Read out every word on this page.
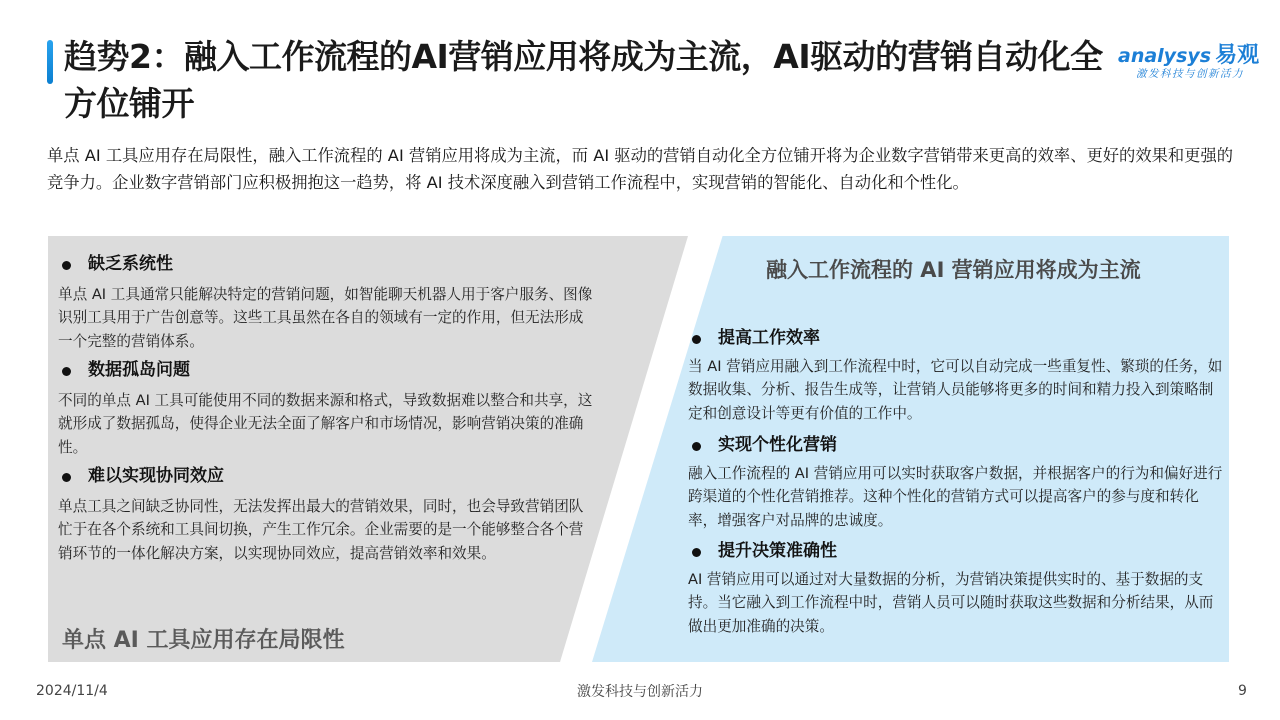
趋势2：融入工作流程的AI营销应用将成为主流，AI驱动的营销自动化全方位铺开
analysys 易观
激发科技与创新活力
单点 AI 工具应用存在局限性，融入工作流程的 AI 营销应用将成为主流，而 AI 驱动的营销自动化全方位铺开将为企业数字营销带来更高的效率、更好的效果和更强的竞争力。企业数字营销部门应积极拥抱这一趋势，将 AI 技术深度融入到营销工作流程中，实现营销的智能化、自动化和个性化。
缺乏系统性
单点 AI 工具通常只能解决特定的营销问题，如智能聊天机器人用于客户服务、图像识别工具用于广告创意等。这些工具虽然在各自的领域有一定的作用，但无法形成一个完整的营销体系。
数据孤岛问题
不同的单点 AI 工具可能使用不同的数据来源和格式，导致数据难以整合和共享，这就形成了数据孤岛，使得企业无法全面了解客户和市场情况，影响营销决策的准确性。
难以实现协同效应
单点工具之间缺乏协同性，无法发挥出最大的营销效果，同时，也会导致营销团队忙于在各个系统和工具间切换，产生工作冗余。企业需要的是一个能够整合各个营销环节的一体化解决方案，以实现协同效应，提高营销效率和效果。
单点 AI 工具应用存在局限性
融入工作流程的 AI 营销应用将成为主流
提高工作效率
当 AI 营销应用融入到工作流程中时，它可以自动完成一些重复性、繁琐的任务，如数据收集、分析、报告生成等，让营销人员能够将更多的时间和精力投入到策略制定和创意设计等更有价值的工作中。
实现个性化营销
融入工作流程的 AI 营销应用可以实时获取客户数据，并根据客户的行为和偏好进行跨渠道的个性化营销推荐。这种个性化的营销方式可以提高客户的参与度和转化率，增强客户对品牌的忠诚度。
提升决策准确性
AI 营销应用可以通过对大量数据的分析，为营销决策提供实时的、基于数据的支持。当它融入到工作流程中时，营销人员可以随时获取这些数据和分析结果，从而做出更加准确的决策。
2024/11/4	激发科技与创新活力	9
